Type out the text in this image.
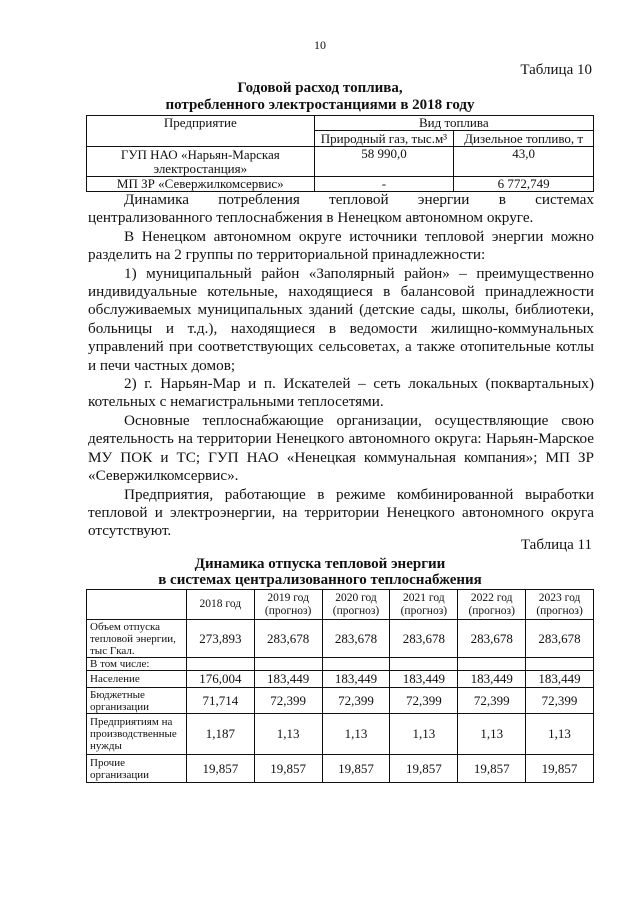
10
Таблица 10
Годовой расход топлива,
потребленного электростанциями в 2018 году
Предприятие	Вид топлива	
	Природный газ, тыс.м³	Дизельное топливо, т
ГУП НАО «Нарьян-Марская электростанция»	58 990,0	43,0
МП ЗР «Севержилкомсервис»	-	6 772,749

Динамика потребления тепловой энергии в системах централизованного теплоснабжения в Ненецком автономном округе.

В Ненецком автономном округе источники тепловой энергии можно разделить на 2 группы по территориальной принадлежности:

1) муниципальный район «Заполярный район» – преимущественно индивидуальные котельные, находящиеся в балансовой принадлежности обслуживаемых муниципальных зданий (детские сады, школы, библиотеки, больницы и т.д.), находящиеся в ведомости жилищно-коммунальных управлений при соответствующих сельсоветах, а также отопительные котлы и печи частных домов;

2) г. Нарьян-Мар и п. Искателей – сеть локальных (поквартальных) котельных с немагистральными теплосетями.

Основные теплоснабжающие организации, осуществляющие свою деятельность на территории Ненецкого автономного округа: Нарьян-Марское МУ ПОК и ТС; ГУП НАО «Ненецкая коммунальная компания»; МП ЗР «Севержилкомсервис».

Предприятия, работающие в режиме комбинированной выработки тепловой и электроэнергии, на территории Ненецкого автономного округа отсутствуют.

Таблица 11
Динамика отпуска тепловой энергии
в системах централизованного теплоснабжения
	2018 год	2019 год (прогноз)	2020 год (прогноз)	2021 год (прогноз)	2022 год (прогноз)	2023 год (прогноз)
Объем отпуска тепловой энергии, тыс Гкал.	273,893	283,678	283,678	283,678	283,678	283,678
В том числе:						
Население	176,004	183,449	183,449	183,449	183,449	183,449
Бюджетные организации	71,714	72,399	72,399	72,399	72,399	72,399
Предприятиям на производственные нужды	1,187	1,13	1,13	1,13	1,13	1,13
Прочие организации	19,857	19,857	19,857	19,857	19,857	19,857
